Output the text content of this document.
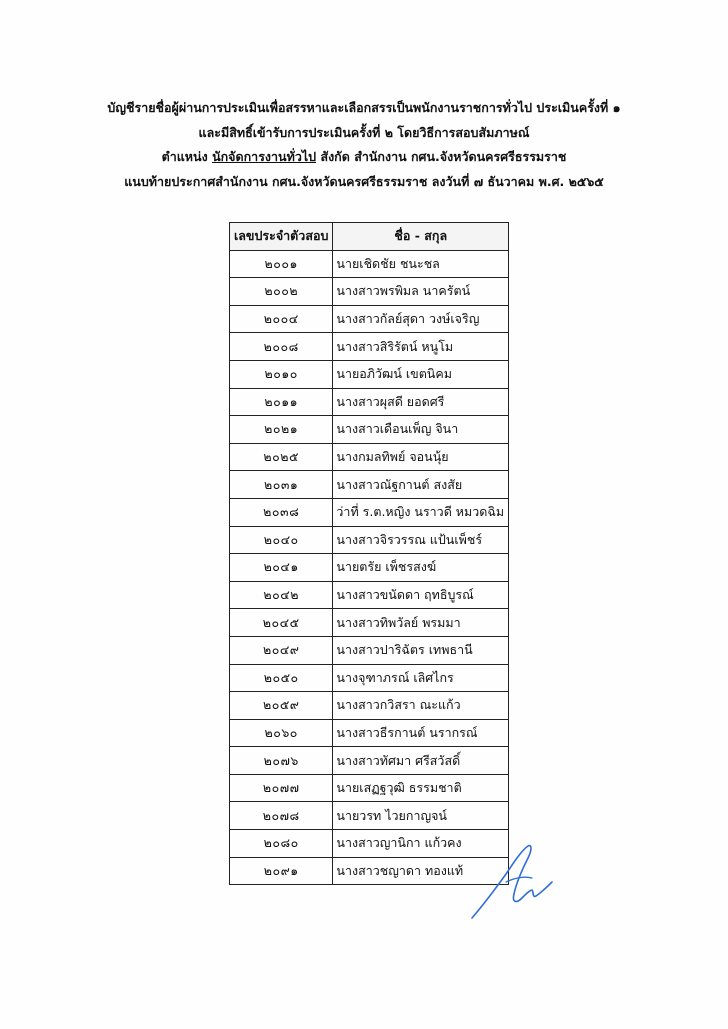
บัญชีรายชื่อผู้ผ่านการประเมินเพื่อสรรหาและเลือกสรรเป็นพนักงานราชการทั่วไป ประเมินครั้งที่ ๑
และมีสิทธิ์เข้ารับการประเมินครั้งที่ ๒ โดยวิธีการสอบสัมภาษณ์
ตำแหน่ง นักจัดการงานทั่วไป สังกัด สำนักงาน กศน.จังหวัดนครศรีธรรมราช
แนบท้ายประกาศสำนักงาน กศน.จังหวัดนครศรีธรรมราช ลงวันที่ ๗ ธันวาคม พ.ศ. ๒๕๖๕
เลขประจำตัวสอบ	ชื่อ - สกุล
๒๐๐๑	นายเชิดชัย ชนะชล
๒๐๐๒	นางสาวพรพิมล นาครัตน์
๒๐๐๔	นางสาวกัลย์สุดา วงษ์เจริญ
๒๐๐๘	นางสาวสิริรัตน์ หนูโม
๒๐๑๐	นายอภิวัฒน์ เขตนิคม
๒๐๑๑	นางสาวผุสดี ยอดศรี
๒๐๒๑	นางสาวเดือนเพ็ญ จินา
๒๐๒๕	นางกมลทิพย์ จอนนุ้ย
๒๐๓๑	นางสาวณัฐกานต์ สงสัย
๒๐๓๘	ว่าที่ ร.ต.หญิง นราวดี หมวดฉิม
๒๐๔๐	นางสาวจิรวรรณ แป้นเพ็ชร์
๒๐๔๑	นายตรัย เพ็ชรสงฆ์
๒๐๔๒	นางสาวขนัดดา ฤทธิบูรณ์
๒๐๔๕	นางสาวทิพวัลย์ พรมมา
๒๐๔๙	นางสาวปาริฉัตร เทพธานี
๒๐๕๐	นางจุฑาภรณ์ เลิศไกร
๒๐๕๙	นางสาวกวิสรา ณะแก้ว
๒๐๖๐	นางสาวธีรกานต์ นรากรณ์
๒๐๗๖	นางสาวทัศมา ศรีสวัสดิ์
๒๐๗๗	นายเสฏฐวุฒิ ธรรมชาติ
๒๐๗๘	นายวรท ไวยกาญจน์
๒๐๘๐	นางสาวญานิกา แก้วคง
๒๐๙๑	นางสาวชญาดา ทองแท้
